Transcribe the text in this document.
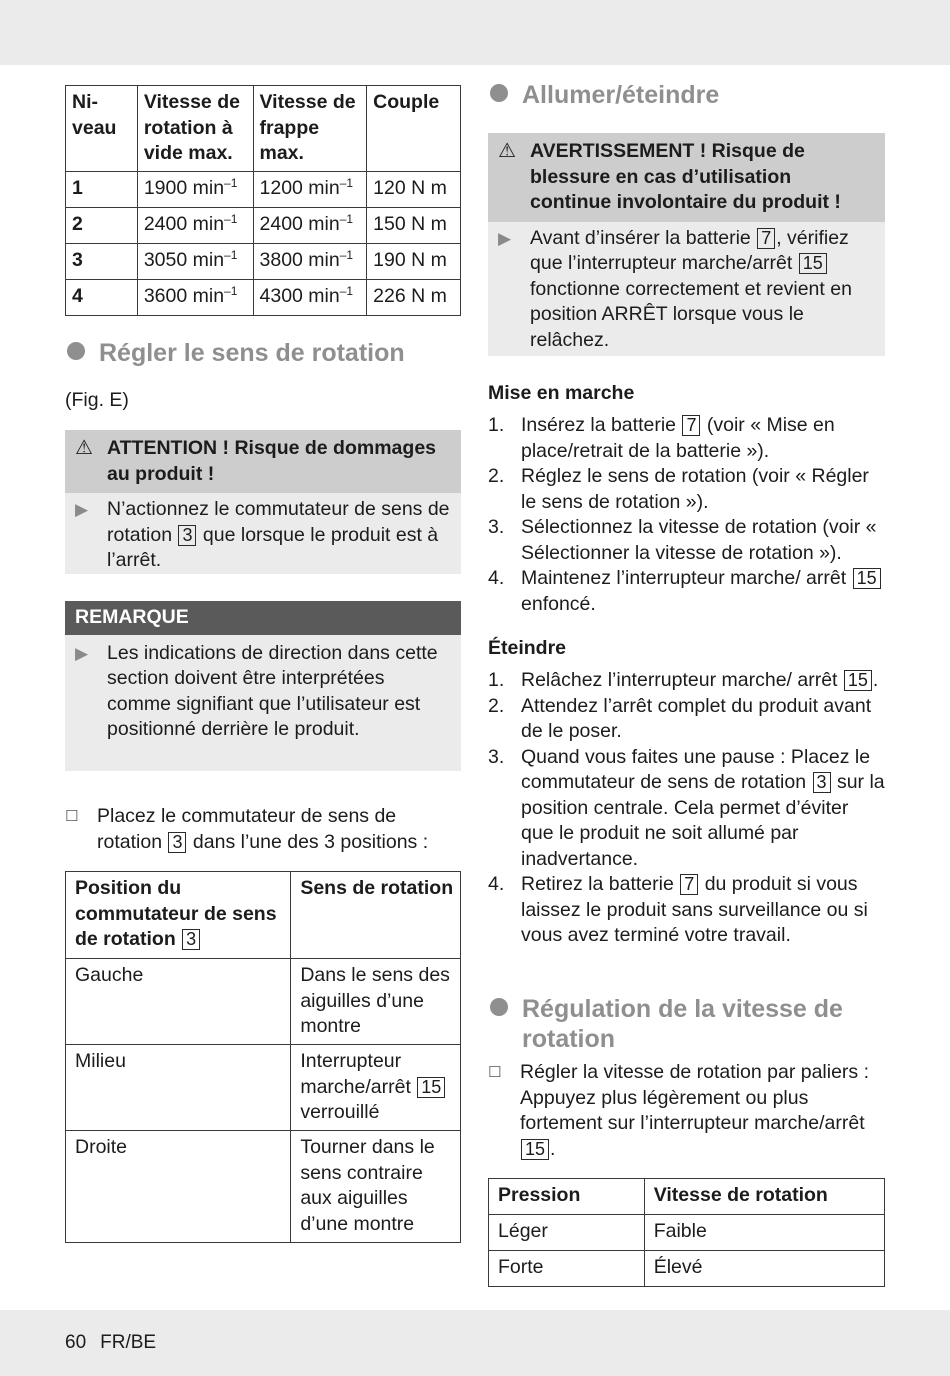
Ni-
veau	Vitesse de rotation à vide max.	Vitesse de frappe max.	Couple
1	1900 $\min^{-1}$	1200 $\min^{-1}$	120 N m
2	2400 $\min^{-1}$	2400 $\min^{-1}$	150 N m
3	3050 $\min^{-1}$	3800 $\min^{-1}$	190 N m
4	3600 $\min^{-1}$	4300 $\min^{-1}$	226 N m
Régler le sens de rotation
(Fig. E)
⚠ ATTENTION ! Risque de dommages au produit !
▶ N’actionnez le commutateur de sens de rotation 3 que lorsque le produit est à l’arrêt.
REMARQUE
▶ Les indications de direction dans cette section doivent être interprétées comme signifiant que l’utilisateur est positionné derrière le produit.
☐ Placez le commutateur de sens de rotation 3 dans l’une des 3 positions :
Position du commutateur de sens de rotation 3	Sens de rotation
Gauche	Dans le sens des aiguilles d’une montre
Milieu	Interrupteur marche/arrêt 15 verrouillé
Droite	Tourner dans le sens contraire aux aiguilles d’une montre
Allumer/éteindre
⚠ AVERTISSEMENT ! Risque de blessure en cas d’utilisation continue involontaire du produit !
▶ Avant d’insérer la batterie 7 , vérifiez que l’interrupteur marche/arrêt 15 fonctionne correctement et revient en position ARRÊT lorsque vous le relâchez.
Mise en marche
1. Insérez la batterie 7 (voir « Mise en place/retrait de la batterie »).
2. Réglez le sens de rotation (voir « Régler le sens de rotation »).
3. Sélectionnez la vitesse de rotation (voir « Sélectionner la vitesse de rotation »).
4. Maintenez l’interrupteur marche/ arrêt 15 enfoncé.
Éteindre
1. Relâchez l’interrupteur marche/ arrêt 15 .
2. Attendez l’arrêt complet du produit avant de le poser.
3. Quand vous faites une pause : Placez le commutateur de sens de rotation 3 sur la position centrale. Cela permet d’éviter que le produit ne soit allumé par inadvertance.
4. Retirez la batterie 7 du produit si vous laissez le produit sans surveillance ou si vous avez terminé votre travail.
Régulation de la vitesse de rotation
☐ Régler la vitesse de rotation par paliers : Appuyez plus légèrement ou plus fortement sur l’interrupteur marche/arrêt 15 .
Pression	Vitesse de rotation
Léger	Faible
Forte	Élevé
60 FR/BE
